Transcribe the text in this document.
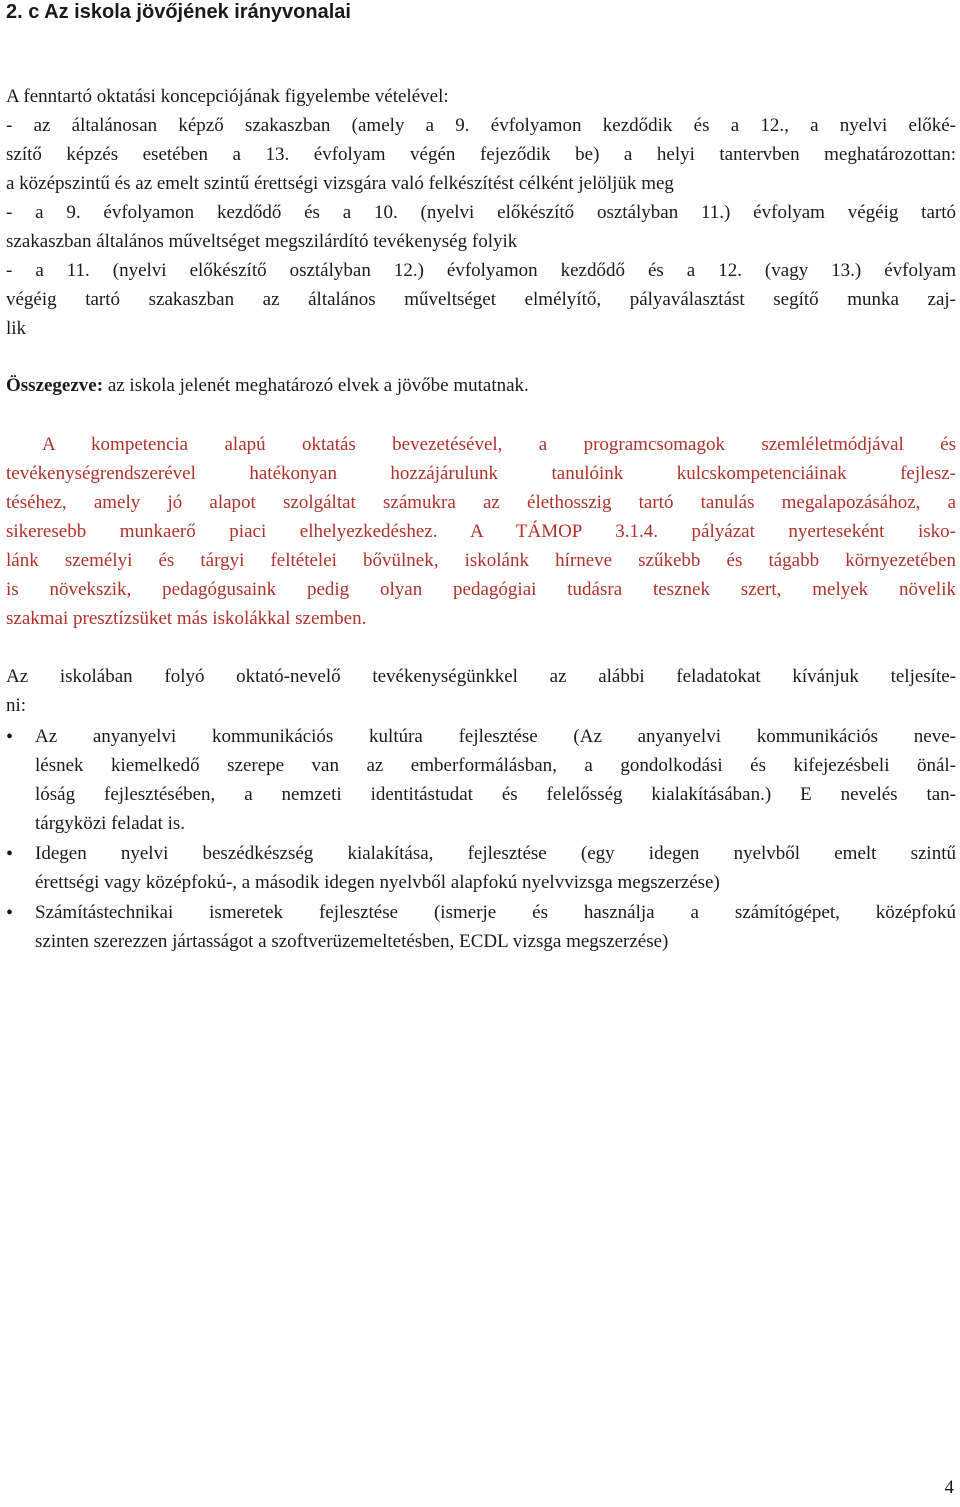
2. c Az iskola jövőjének irányvonalai
A fenntartó oktatási koncepciójának figyelembe vételével:
- az általánosan képző szakaszban (amely a 9. évfolyamon kezdődik és a 12., a nyelvi előké-
szítő képzés esetében a 13. évfolyam végén fejeződik be) a helyi tantervben meghatározottan:
a középszintű és az emelt szintű érettségi vizsgára való felkészítést célként jelöljük meg
- a 9. évfolyamon kezdődő és a 10. (nyelvi előkészítő osztályban 11.) évfolyam végéig tartó
szakaszban általános műveltséget megszilárdító tevékenység folyik
- a 11. (nyelvi előkészítő osztályban 12.) évfolyamon kezdődő és a 12. (vagy 13.) évfolyam
végéig tartó szakaszban az általános műveltséget elmélyítő, pályaválasztást segítő munka zaj-
lik
Összegezve: az iskola jelenét meghatározó elvek a jövőbe mutatnak.
A kompetencia alapú oktatás bevezetésével, a programcsomagok szemléletmódjával és
tevékenységrendszerével hatékonyan hozzájárulunk tanulóink kulcskompetenciáinak fejlesz-
téséhez, amely jó alapot szolgáltat számukra az élethosszig tartó tanulás megalapozásához, a
sikeresebb munkaerő piaci elhelyezkedéshez. A TÁMOP 3.1.4. pályázat nyerteseként isko-
lánk személyi és tárgyi feltételei bővülnek, iskolánk hírneve szűkebb és tágabb környezetében
is növekszik, pedagógusaink pedig olyan pedagógiai tudásra tesznek szert, melyek növelik
szakmai presztízsüket más iskolákkal szemben.
Az iskolában folyó oktató-nevelő tevékenységünkkel az alábbi feladatokat kívánjuk teljesíte-
ni:
• Az anyanyelvi kommunikációs kultúra fejlesztése (Az anyanyelvi kommunikációs neve-
lésnek kiemelkedő szerepe van az emberformálásban, a gondolkodási és kifejezésbeli önál-
lóság fejlesztésében, a nemzeti identitástudat és felelősség kialakításában.) E nevelés tan-
tárgyközi feladat is.
• Idegen nyelvi beszédkészség kialakítása, fejlesztése (egy idegen nyelvből emelt szintű
érettségi vagy középfokú-, a második idegen nyelvből alapfokú nyelvvizsga megszerzése)
• Számítástechnikai ismeretek fejlesztése (ismerje és használja a számítógépet, középfokú
szinten szerezzen jártasságot a szoftverüzemeltetésben, ECDL vizsga megszerzése)
4
